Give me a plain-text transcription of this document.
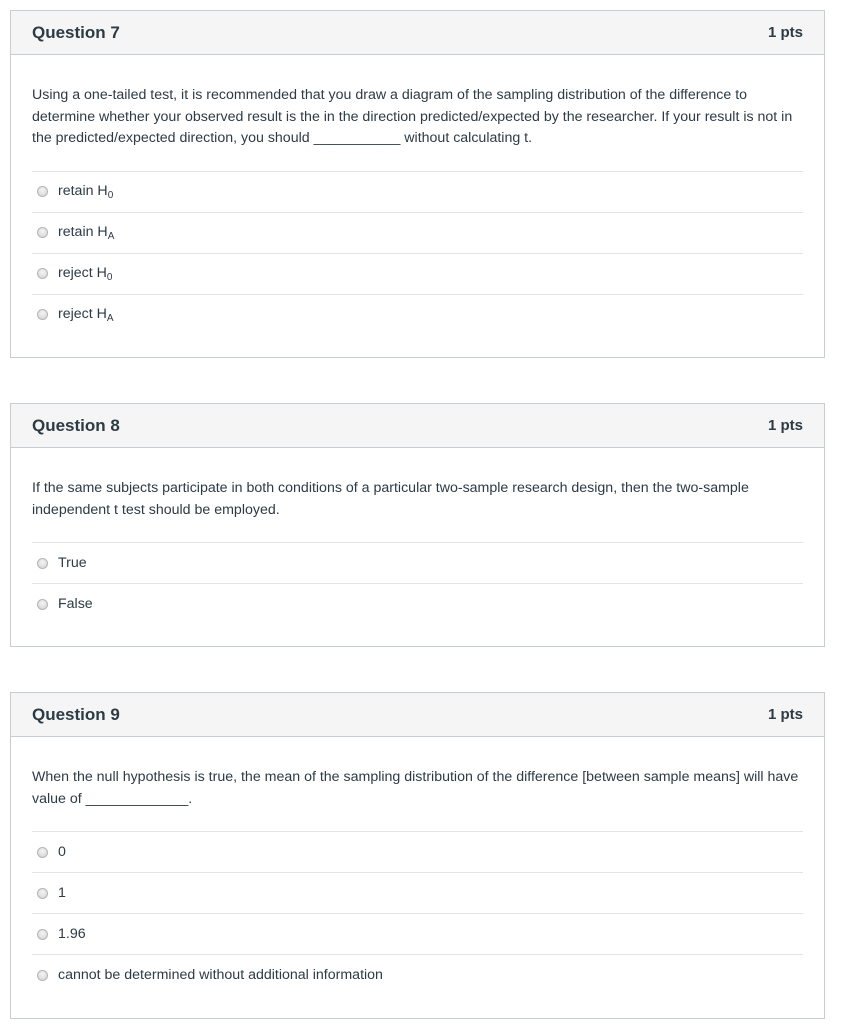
Question 7	1 pts

Using a one-tailed test, it is recommended that you draw a diagram of the sampling distribution of the difference to determine whether your observed result is the in the direction predicted/expected by the researcher. If your result is not in the predicted/expected direction, you should ___________ without calculating t.

retain $H_0$
retain $H_A$
reject $H_0$
reject $H_A$
Question 8	1 pts

If the same subjects participate in both conditions of a particular two-sample research design, then the two-sample independent t test should be employed.

True
False
Question 9	1 pts

When the null hypothesis is true, the mean of the sampling distribution of the difference [between sample means] will have value of _____________.

0
1
1.96
cannot be determined without additional information
